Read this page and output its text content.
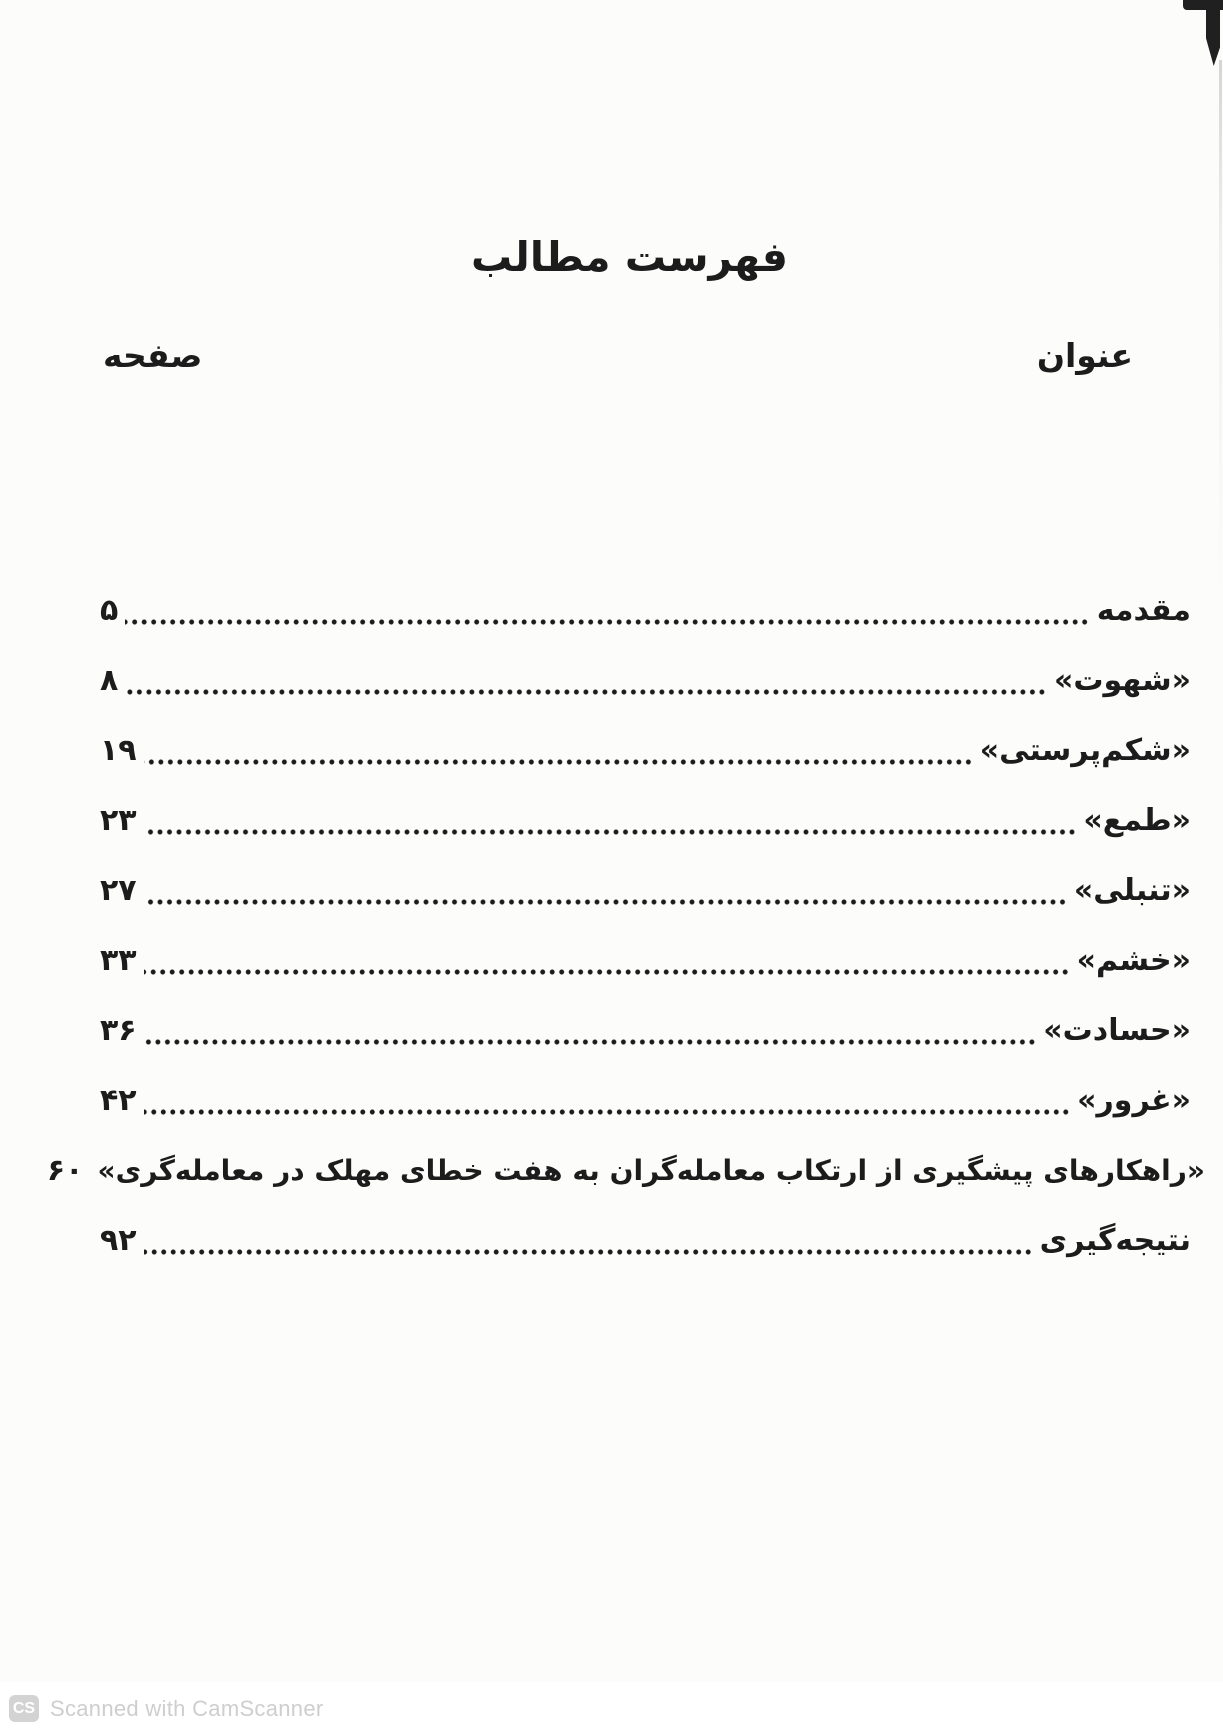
فهرست مطالب
عنوان
صفحه
مقدمه
۵
«شهوت»
۸
«شکم‌پرستی»
۱۹
«طمع»
۲۳
«تنبلی»
۲۷
«خشم»
۳۳
«حسادت»
۳۶
«غرور»
۴۲
«راهکارهای پیشگیری از ارتکاب معامله‌گران به هفت خطای مهلک در معامله‌گری»
۶۰
نتیجه‌گیری
۹۲
CS Scanned with CamScanner
